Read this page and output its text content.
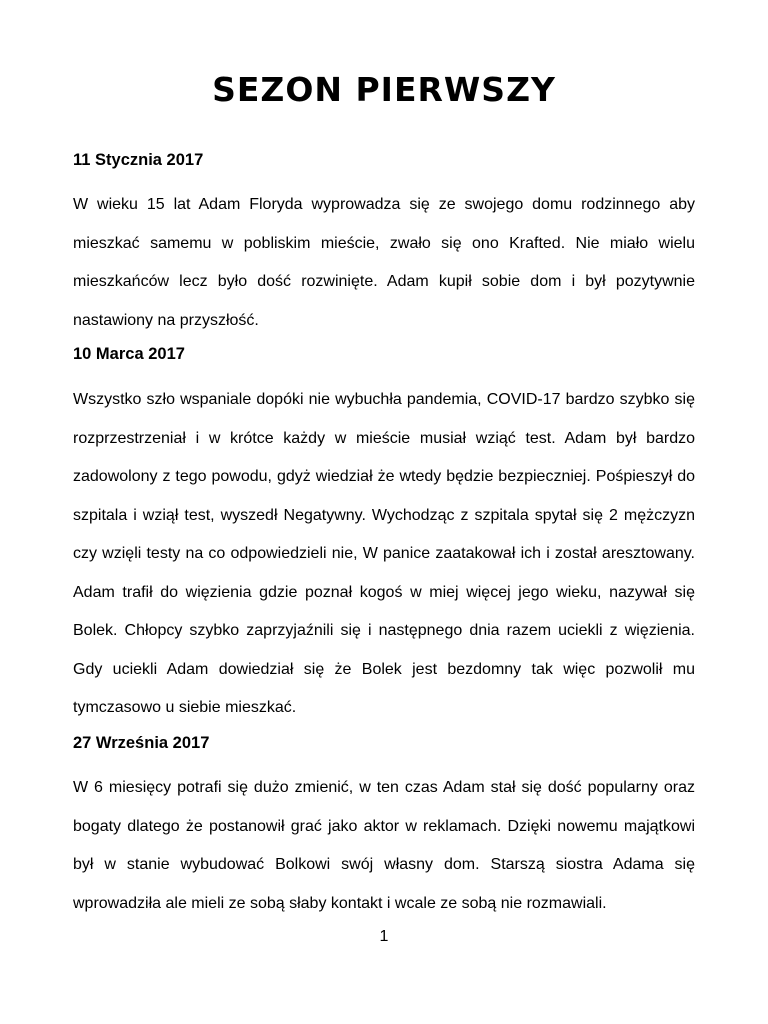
SEZON PIERWSZY

11 Stycznia 2017

W wieku 15 lat Adam Floryda wyprowadza się ze swojego domu rodzinnego aby mieszkać samemu w pobliskim mieście, zwało się ono Krafted. Nie miało wielu mieszkańców lecz było dość rozwinięte. Adam kupił sobie dom i był pozytywnie nastawiony na przyszłość.

10 Marca 2017

Wszystko szło wspaniale dopóki nie wybuchła pandemia, COVID-17 bardzo szybko się rozprzestrzeniał i w krótce każdy w mieście musiał wziąć test. Adam był bardzo zadowolony z tego powodu, gdyż wiedział że wtedy będzie bezpieczniej. Pośpieszył do szpitala i wziął test, wyszedł Negatywny. Wychodząc z szpitala spytał się 2 mężczyzn czy wzięli testy na co odpowiedzieli nie, W panice zaatakował ich i został aresztowany. Adam trafił do więzienia gdzie poznał kogoś w miej więcej jego wieku, nazywał się Bolek. Chłopcy szybko zaprzyjaźnili się i następnego dnia razem uciekli z więzienia. Gdy uciekli Adam dowiedział się że Bolek jest bezdomny tak więc pozwolił mu tymczasowo u siebie mieszkać.

27 Września 2017

W 6 miesięcy potrafi się dużo zmienić, w ten czas Adam stał się dość popularny oraz bogaty dlatego że postanowił grać jako aktor w reklamach. Dzięki nowemu majątkowi był w stanie wybudować Bolkowi swój własny dom. Starszą siostra Adama się wprowadziła ale mieli ze sobą słaby kontakt i wcale ze sobą nie rozmawiali.

1
